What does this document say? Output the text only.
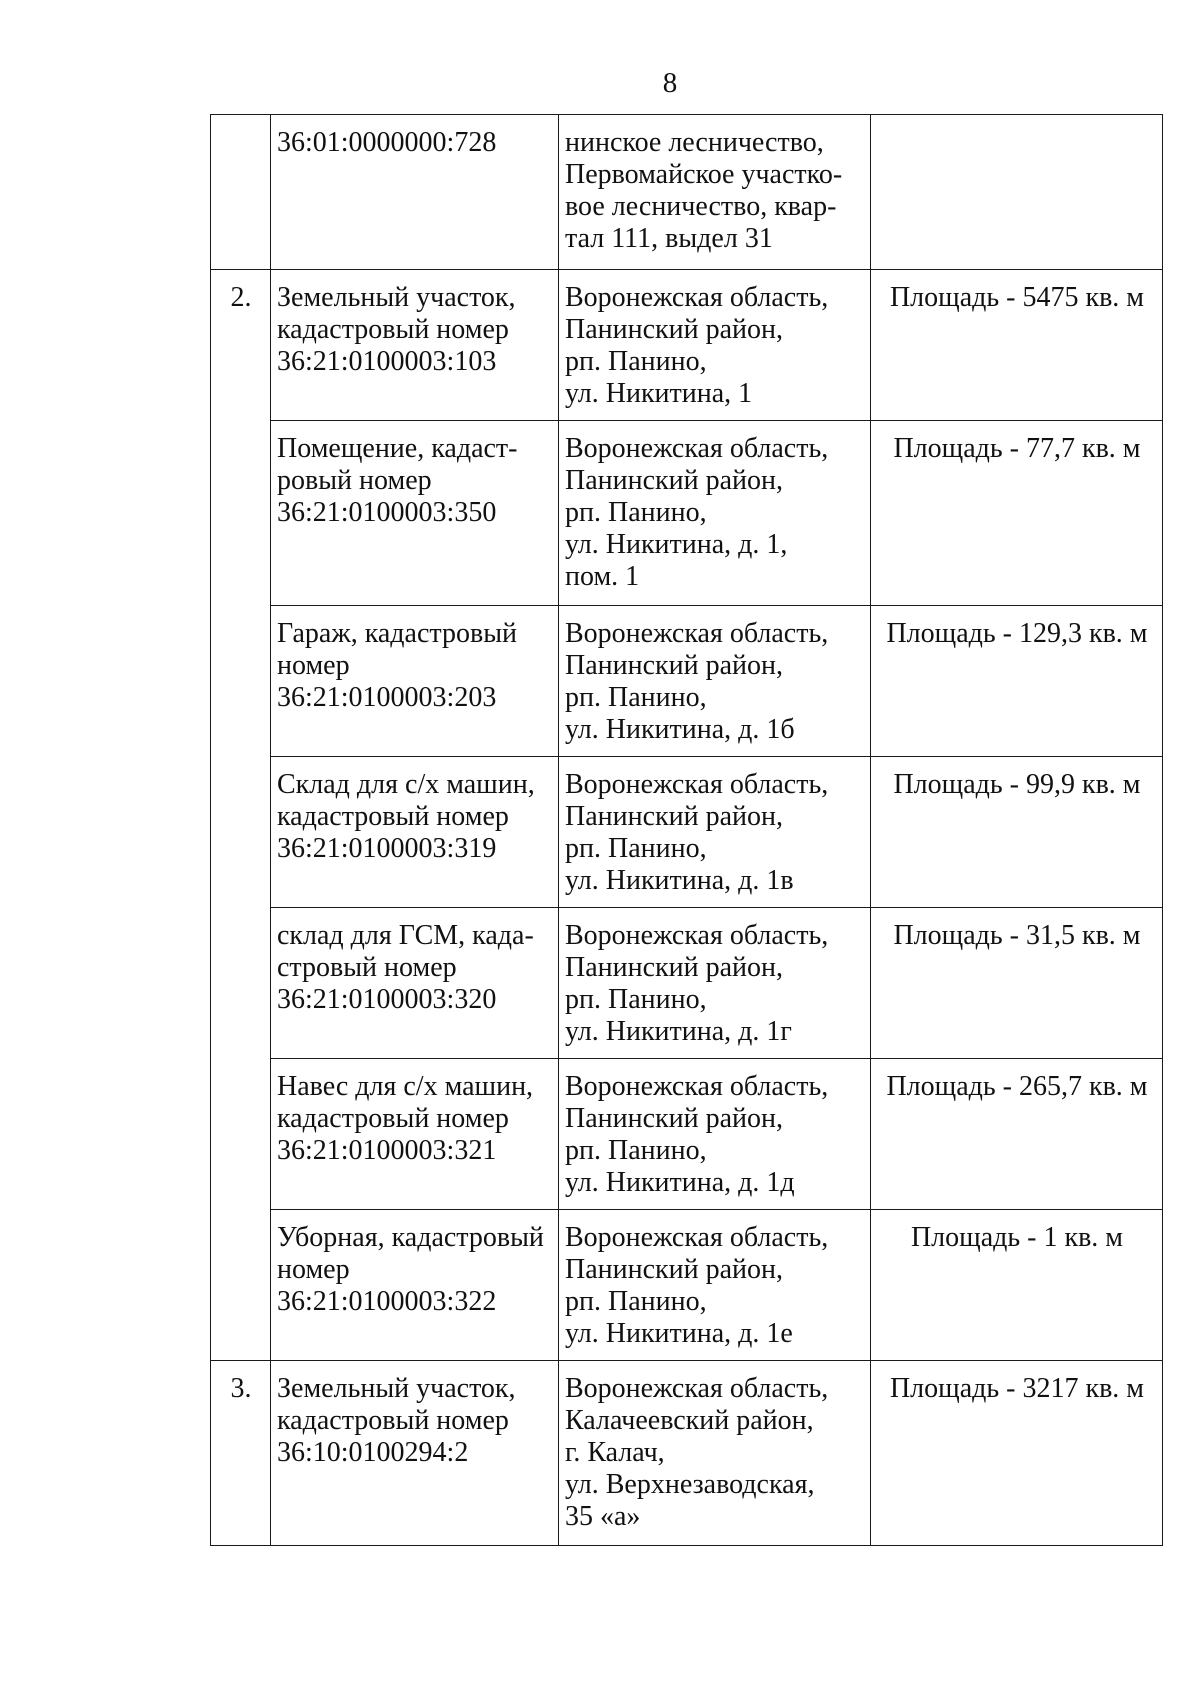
8
	36:01:0000000:728	нинское лесничество,
Первомайское участко-
вое лесничество, квар-
тал 111, выдел 31	
2.	Земельный участок,
кадастровый номер
36:21:0100003:103	Воронежская область,
Панинский район,
рп. Панино,
ул. Никитина, 1	Площадь - 5475 кв. м
	Помещение, кадаст-
ровый номер
36:21:0100003:350	Воронежская область,
Панинский район,
рп. Панино,
ул. Никитина, д. 1,
пом. 1	Площадь - 77,7 кв. м
	Гараж, кадастровый
номер
36:21:0100003:203	Воронежская область,
Панинский район,
рп. Панино,
ул. Никитина, д. 1б	Площадь - 129,3 кв. м
	Склад для с/х машин,
кадастровый номер
36:21:0100003:319	Воронежская область,
Панинский район,
рп. Панино,
ул. Никитина, д. 1в	Площадь - 99,9 кв. м
	склад для ГСМ, када-
стровый номер
36:21:0100003:320	Воронежская область,
Панинский район,
рп. Панино,
ул. Никитина, д. 1г	Площадь - 31,5 кв. м
	Навес для с/х машин,
кадастровый номер
36:21:0100003:321	Воронежская область,
Панинский район,
рп. Панино,
ул. Никитина, д. 1д	Площадь - 265,7 кв. м
	Уборная, кадастровый
номер
36:21:0100003:322	Воронежская область,
Панинский район,
рп. Панино,
ул. Никитина, д. 1е	Площадь - 1 кв. м
3.	Земельный участок,
кадастровый номер
36:10:0100294:2	Воронежская область,
Калачеевский район,
г. Калач,
ул. Верхнезаводская,
35 «а»	Площадь - 3217 кв. м
